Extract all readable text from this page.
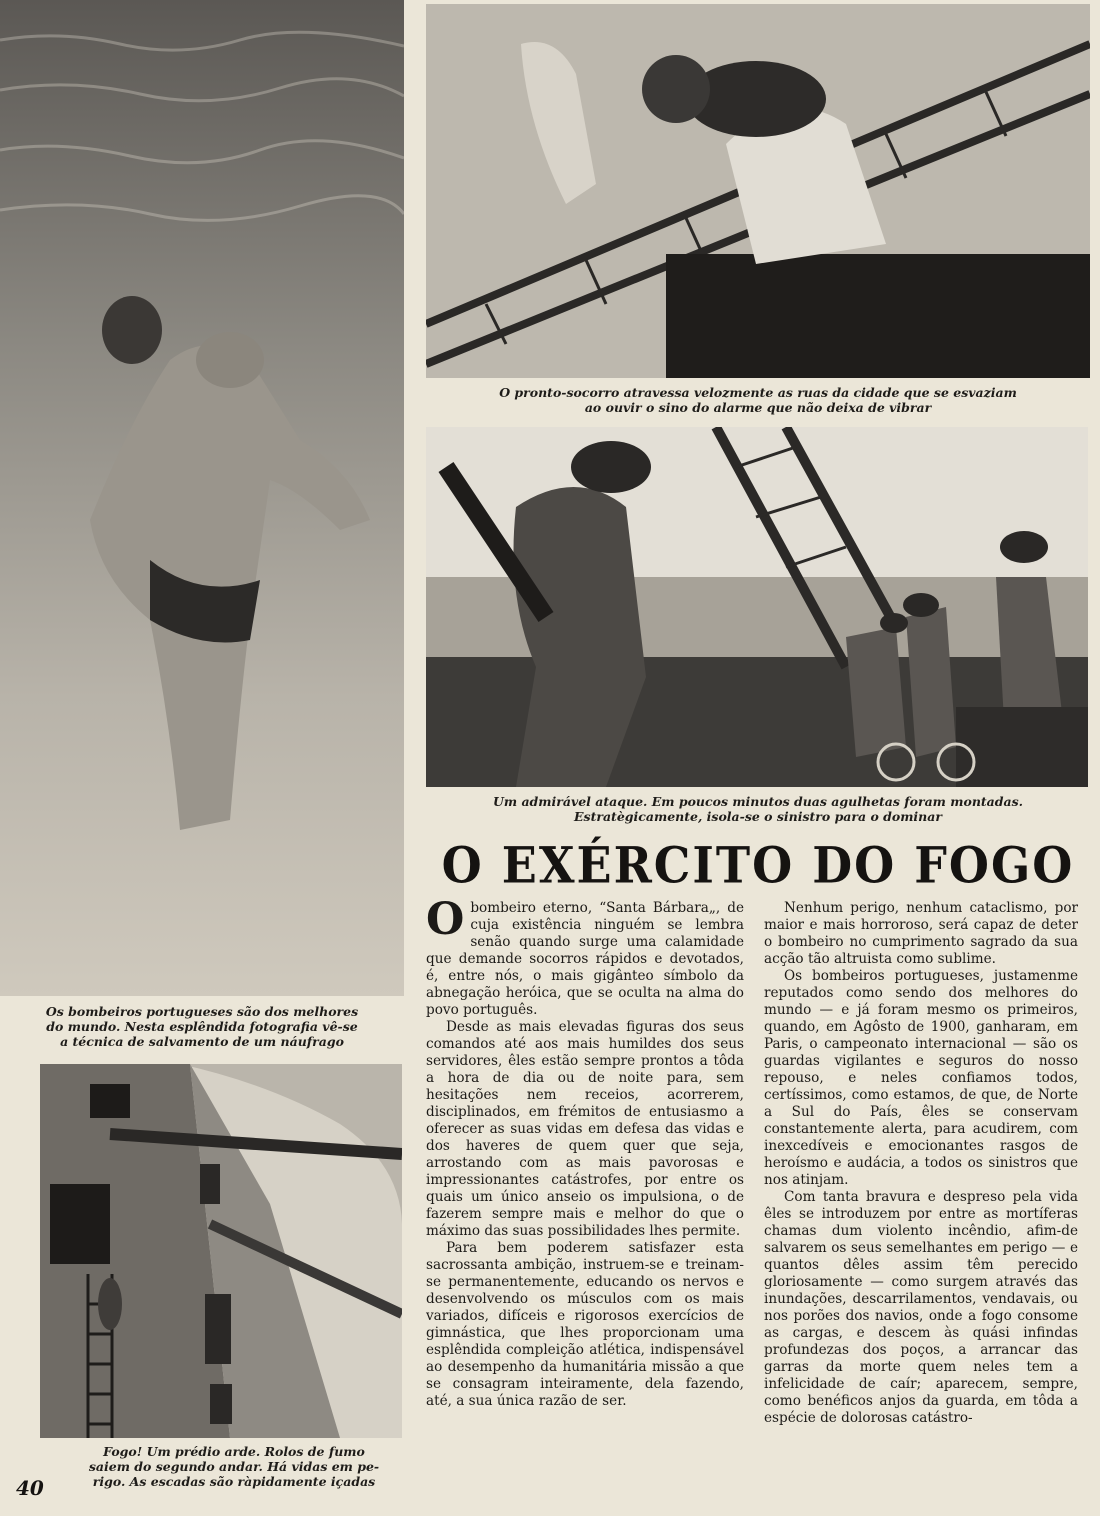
Os bombeiros portugueses são dos melhores
do mundo. Nesta esplêndida fotografia vê-se
a técnica de salvamento de um náufrago
O pronto-socorro atravessa velozmente as ruas da cidade que se esvaziam
ao ouvir o sino do alarme que não deixa de vibrar
Um admirável ataque. Em poucos minutos duas agulhetas foram montadas.
Estratègicamente, isola-se o sinistro para o dominar
Fogo! Um prédio arde. Rolos de fumo
saiem do segundo andar. Há vidas em pe-
rigo. As escadas são ràpidamente içadas
O EXÉRCITO DO FOGO

O bombeiro eterno, “Santa Bárbara„, de cuja existência ninguém se lembra senão quando surge uma calamidade que demande socorros rápidos e devotados, é, entre nós, o mais gigânteo símbolo da abnegação heróica, que se oculta na alma do povo português.

Desde as mais elevadas figuras dos seus comandos até aos mais humildes dos seus servidores, êles estão sempre prontos a tôda a hora de dia ou de noite para, sem hesitações nem receios, acorrerem, disciplinados, em frémitos de entusiasmo a oferecer as suas vidas em defesa das vidas e dos haveres de quem quer que seja, arrostando com as mais pavorosas e impressionantes catástrofes, por entre os quais um único anseio os impulsiona, o de fazerem sempre mais e melhor do que o máximo das suas possibilidades lhes permite.

Para bem poderem satisfazer esta sacrossanta ambição, instruem-se e treinam-se permanentemente, educando os nervos e desenvolvendo os músculos com os mais variados, difíceis e rigorosos exercícios de gimnástica, que lhes proporcionam uma esplêndida compleição atlética, indispensável ao desempenho da humanitária missão a que se consagram inteiramente, dela fazendo, até, a sua única razão de ser.

Nenhum perigo, nenhum cataclismo, por maior e mais horroroso, será capaz de deter o bombeiro no cumprimento sagrado da sua acção tão altruista como sublime.

Os bombeiros portugueses, justamenme reputados como sendo dos melhores do mundo — e já foram mesmo os primeiros, quando, em Agôsto de 1900, ganharam, em Paris, o campeonato internacional — são os guardas vigilantes e seguros do nosso repouso, e neles confiamos todos, certíssimos, como estamos, de que, de Norte a Sul do País, êles se conservam constantemente alerta, para acudirem, com inexcedíveis e emocionantes rasgos de heroísmo e audácia, a todos os sinistros que nos atinjam.

Com tanta bravura e despreso pela vida êles se introduzem por entre as mortíferas chamas dum violento incêndio, afim-de salvarem os seus semelhantes em perigo — e quantos dêles assim têm perecido gloriosamente — como surgem através das inundações, descarrilamentos, vendavais, ou nos porões dos navios, onde a fogo consome as cargas, e descem às quási infindas profundezas dos poços, a arrancar das garras da morte quem neles tem a infelicidade de caír; aparecem, sempre, como benéficos anjos da guarda, em tôda a espécie de dolorosas catástro-

40
